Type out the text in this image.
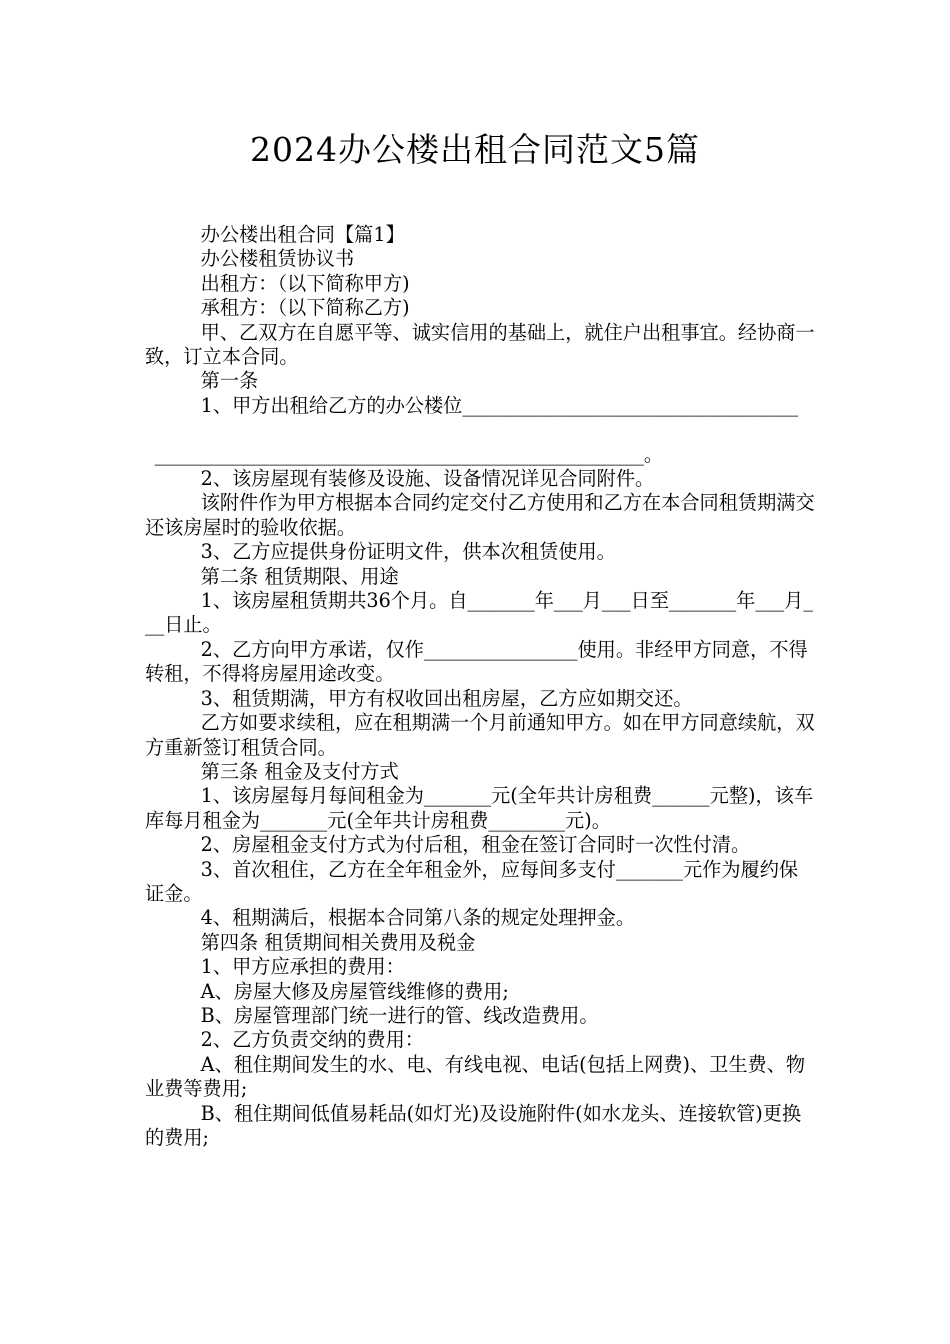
2024办公楼出租合同范文5篇

办公楼出租合同【篇1】

办公楼租赁协议书

出租方：（以下简称甲方)

承租方：（以下简称乙方)

甲、乙双方在自愿平等、诚实信用的基础上，就住户出租事宜。经协商一致，订立本合同。

第一条

1、甲方出租给乙方的办公楼位___________________________________

___________________________________________________。

2、该房屋现有装修及设施、设备情况详见合同附件。

该附件作为甲方根据本合同约定交付乙方使用和乙方在本合同租赁期满交还该房屋时的验收依据。

3、乙方应提供身份证明文件，供本次租赁使用。

第二条 租赁期限、用途

1、该房屋租赁期共36个月。自_______年___月___日至_______年___月___日止。

2、乙方向甲方承诺，仅作________________使用。非经甲方同意，不得转租，不得将房屋用途改变。

3、租赁期满，甲方有权收回出租房屋，乙方应如期交还。

乙方如要求续租，应在租期满一个月前通知甲方。如在甲方同意续航，双方重新签订租赁合同。

第三条 租金及支付方式

1、该房屋每月每间租金为_______元(全年共计房租费______元整)，该车库每月租金为_______元(全年共计房租费________元)。

2、房屋租金支付方式为付后租，租金在签订合同时一次性付清。

3、首次租住，乙方在全年租金外，应每间多支付_______元作为履约保证金。

4、租期满后，根据本合同第八条的规定处理押金。

第四条 租赁期间相关费用及税金

1、甲方应承担的费用：

A、房屋大修及房屋管线维修的费用;

B、房屋管理部门统一进行的管、线改造费用。

2、乙方负责交纳的费用：

A、租住期间发生的水、电、有线电视、电话(包括上网费)、卫生费、物业费等费用;

B、租住期间低值易耗品(如灯光)及设施附件(如水龙头、连接软管)更换的费用;
